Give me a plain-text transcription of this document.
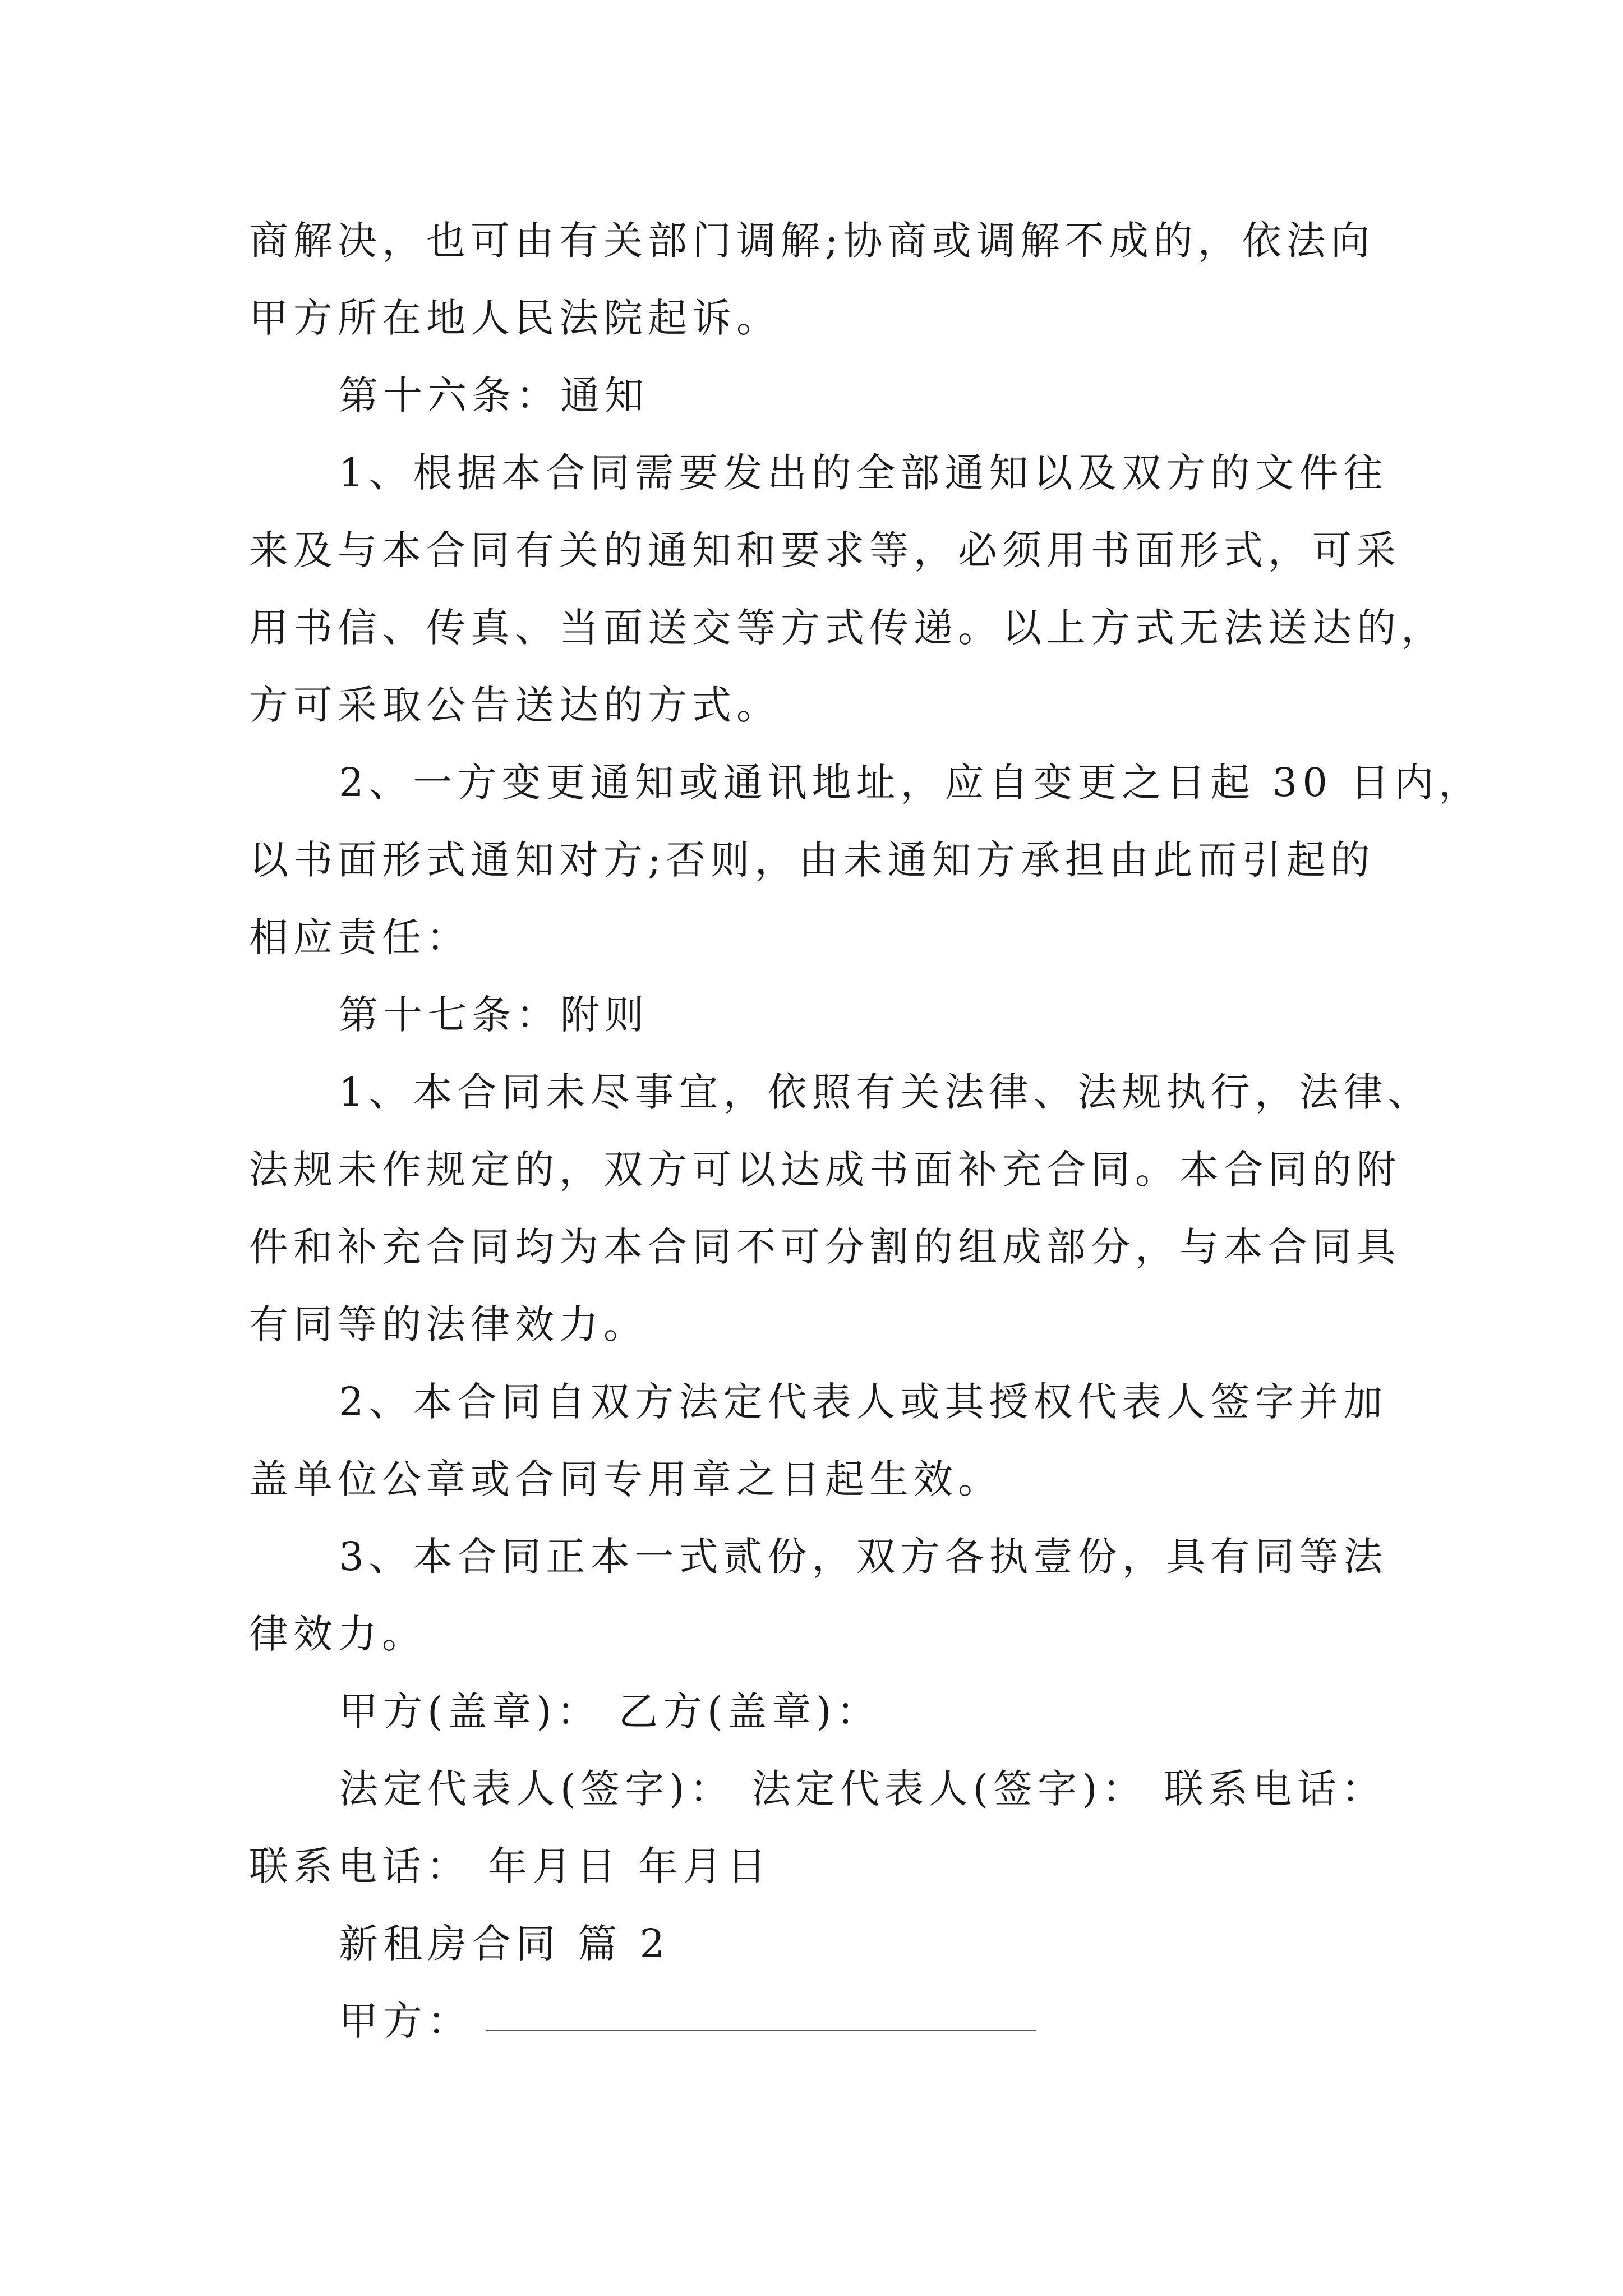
商解决，也可由有关部门调解;协商或调解不成的，依法向
甲方所在地人民法院起诉。
第十六条：通知
1、根据本合同需要发出的全部通知以及双方的文件往
来及与本合同有关的通知和要求等，必须用书面形式，可采
用书信、传真、当面送交等方式传递。以上方式无法送达的，
方可采取公告送达的方式。
2、一方变更通知或通讯地址，应自变更之日起 30 日内，
以书面形式通知对方;否则，由未通知方承担由此而引起的
相应责任：
第十七条：附则
1、本合同未尽事宜，依照有关法律、法规执行，法律、
法规未作规定的，双方可以达成书面补充合同。本合同的附
件和补充合同均为本合同不可分割的组成部分，与本合同具
有同等的法律效力。
2、本合同自双方法定代表人或其授权代表人签字并加
盖单位公章或合同专用章之日起生效。
3、本合同正本一式贰份，双方各执壹份，具有同等法
律效力。
甲方(盖章)： 乙方(盖章)：
法定代表人(签字)： 法定代表人(签字)： 联系电话：
联系电话： 年月日 年月日
新租房合同 篇 2
甲方：
